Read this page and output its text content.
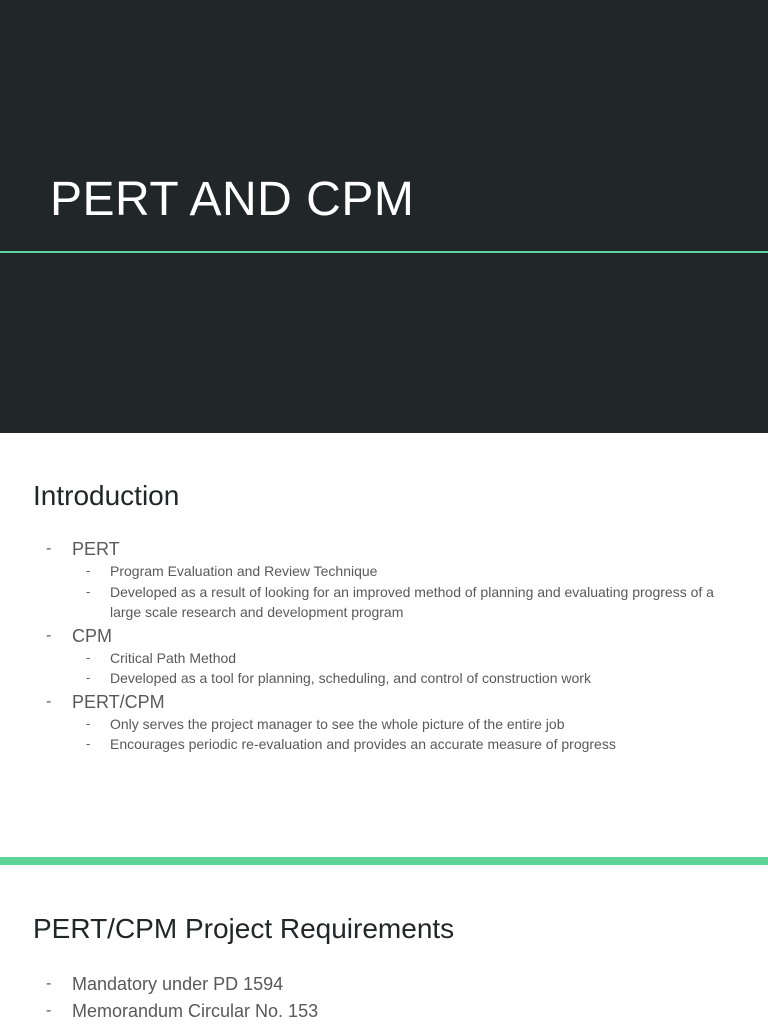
PERT AND CPM
Introduction
- PERT
- Program Evaluation and Review Technique
- Developed as a result of looking for an improved method of planning and evaluating progress of a large scale research and development program
- CPM
- Critical Path Method
- Developed as a tool for planning, scheduling, and control of construction work
- PERT/CPM
- Only serves the project manager to see the whole picture of the entire job
- Encourages periodic re-evaluation and provides an accurate measure of progress
PERT/CPM Project Requirements
- Mandatory under PD 1594
- Memorandum Circular No. 153
